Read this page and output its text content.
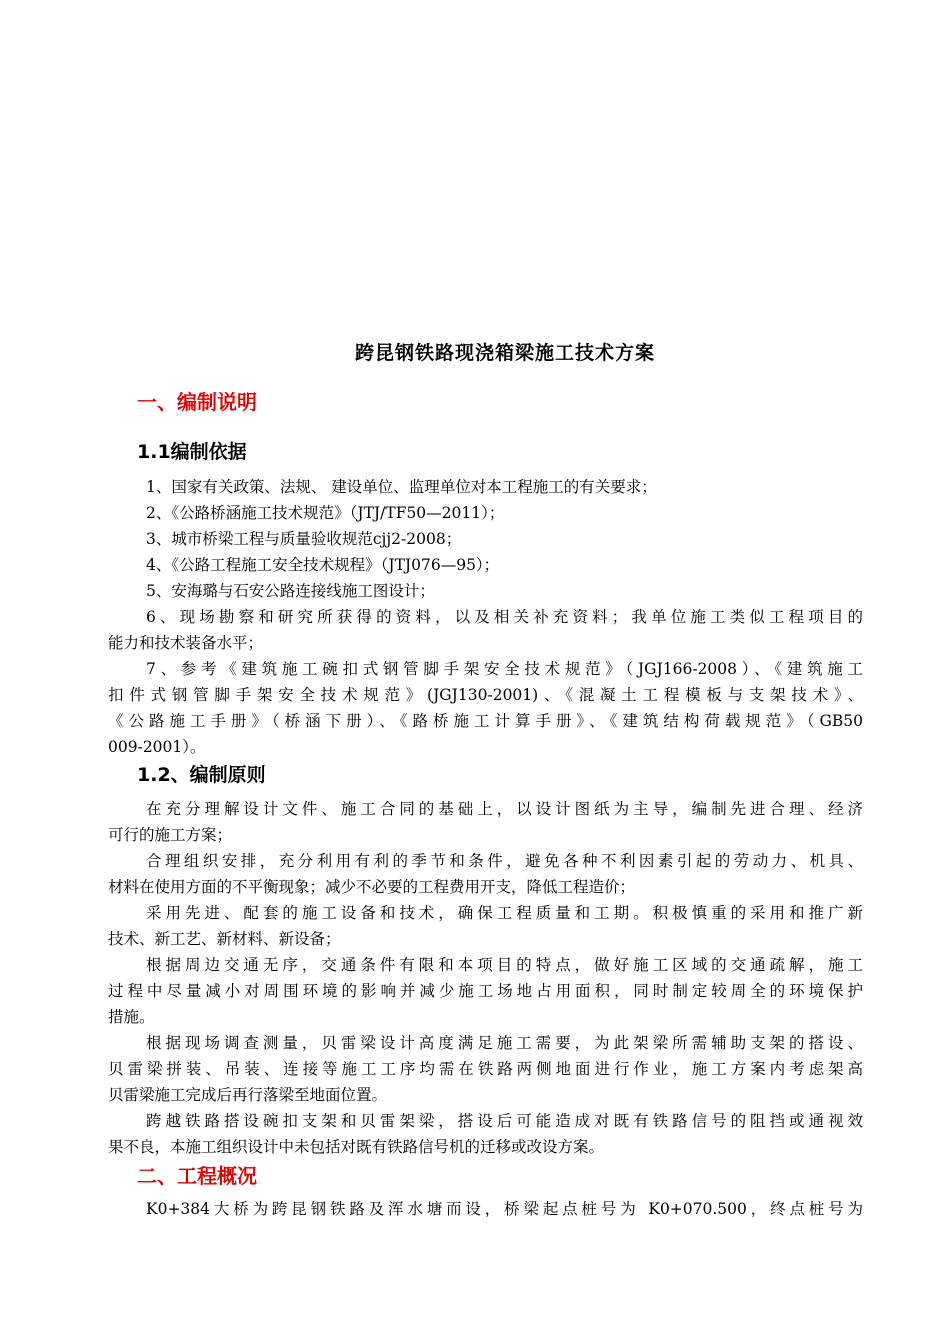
跨昆钢铁路现浇箱梁施工技术方案
一、编制说明
1.1编制依据
1、国家有关政策、法规、 建设单位、监理单位对本工程施工的有关要求；
2、《公路桥涵施工技术规范》（JTJ/TF50—2011）；
3、城市桥梁工程与质量验收规范cjj2-2008；
4、《公路工程施工安全技术规程》（JTJ076—95）；
5、安海璐与石安公路连接线施工图设计；
6、现场勘察和研究所获得的资料，以及相关补充资料；我单位施工类似工程项目的
能力和技术装备水平；
7、参考《建筑施工碗扣式钢管脚手架安全技术规范》（JGJ166-2008）、《建筑施工
扣件式钢管脚手架安全技术规范》(JGJ130-2001)、《混凝土工程模板与支架技术》、
《公路施工手册》（桥涵下册）、《路桥施工计算手册》、《建筑结构荷载规范》（GB50
009-2001）。
1.2、编制原则
在充分理解设计文件、施工合同的基础上，以设计图纸为主导，编制先进合理、经济
可行的施工方案；
合理组织安排，充分利用有利的季节和条件，避免各种不利因素引起的劳动力、机具、
材料在使用方面的不平衡现象；减少不必要的工程费用开支，降低工程造价；
采用先进、配套的施工设备和技术，确保工程质量和工期。积极慎重的采用和推广新
技术、新工艺、新材料、新设备；
根据周边交通无序，交通条件有限和本项目的特点，做好施工区域的交通疏解，施工
过程中尽量减小对周围环境的影响并减少施工场地占用面积，同时制定较周全的环境保护
措施。
根据现场调查测量，贝雷梁设计高度满足施工需要，为此架梁所需辅助支架的搭设、
贝雷梁拼装、吊装、连接等施工工序均需在铁路两侧地面进行作业，施工方案内考虑架高
贝雷梁施工完成后再行落梁至地面位置。
跨越铁路搭设碗扣支架和贝雷架梁，搭设后可能造成对既有铁路信号的阻挡或通视效
果不良，本施工组织设计中未包括对既有铁路信号机的迁移或改设方案。
二、工程概况
K0+384大桥为跨昆钢铁路及浑水塘而设，桥梁起点桩号为 K0+070.500，终点桩号为
